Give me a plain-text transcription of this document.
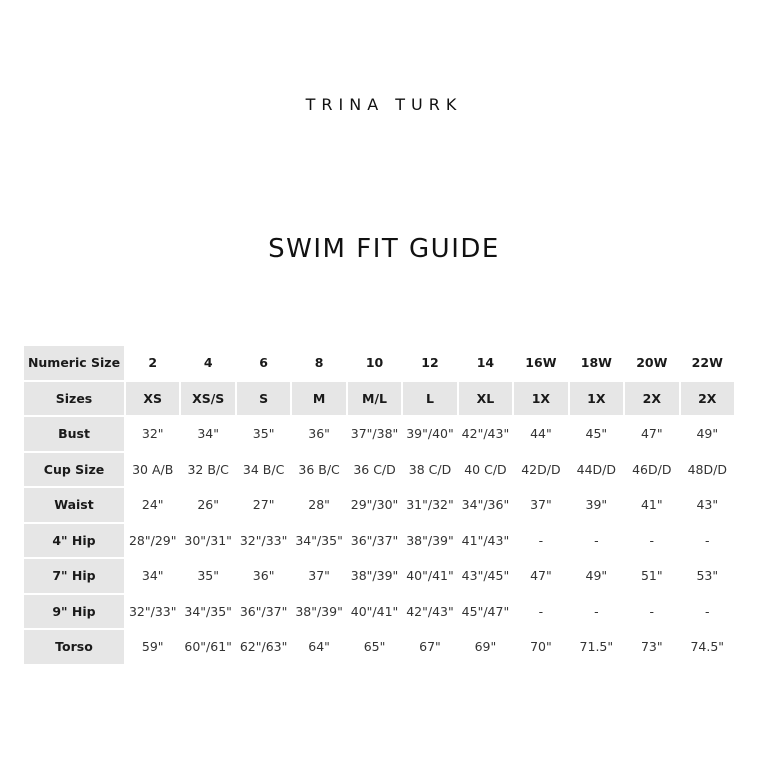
TRINA TURK
SWIM FIT GUIDE
Numeric Size	2	4	6	8	10	12	14	16W	18W	20W	22W
Sizes	XS	XS/S	S	M	M/L	L	XL	1X	1X	2X	2X
Bust	32"	34"	35"	36"	37"/38"	39"/40"	42"/43"	44"	45"	47"	49"
Cup Size	30 A/B	32 B/C	34 B/C	36 B/C	36 C/D	38 C/D	40 C/D	42D/D	44D/D	46D/D	48D/D
Waist	24"	26"	27"	28"	29"/30"	31"/32"	34"/36"	37"	39"	41"	43"
4" Hip	28"/29"	30"/31"	32"/33"	34"/35"	36"/37"	38"/39"	41"/43"	-	-	-	-
7" Hip	34"	35"	36"	37"	38"/39"	40"/41"	43"/45"	47"	49"	51"	53"
9" Hip	32"/33"	34"/35"	36"/37"	38"/39"	40"/41"	42"/43"	45"/47"	-	-	-	-
Torso	59"	60"/61"	62"/63"	64"	65"	67"	69"	70"	71.5"	73"	74.5"
